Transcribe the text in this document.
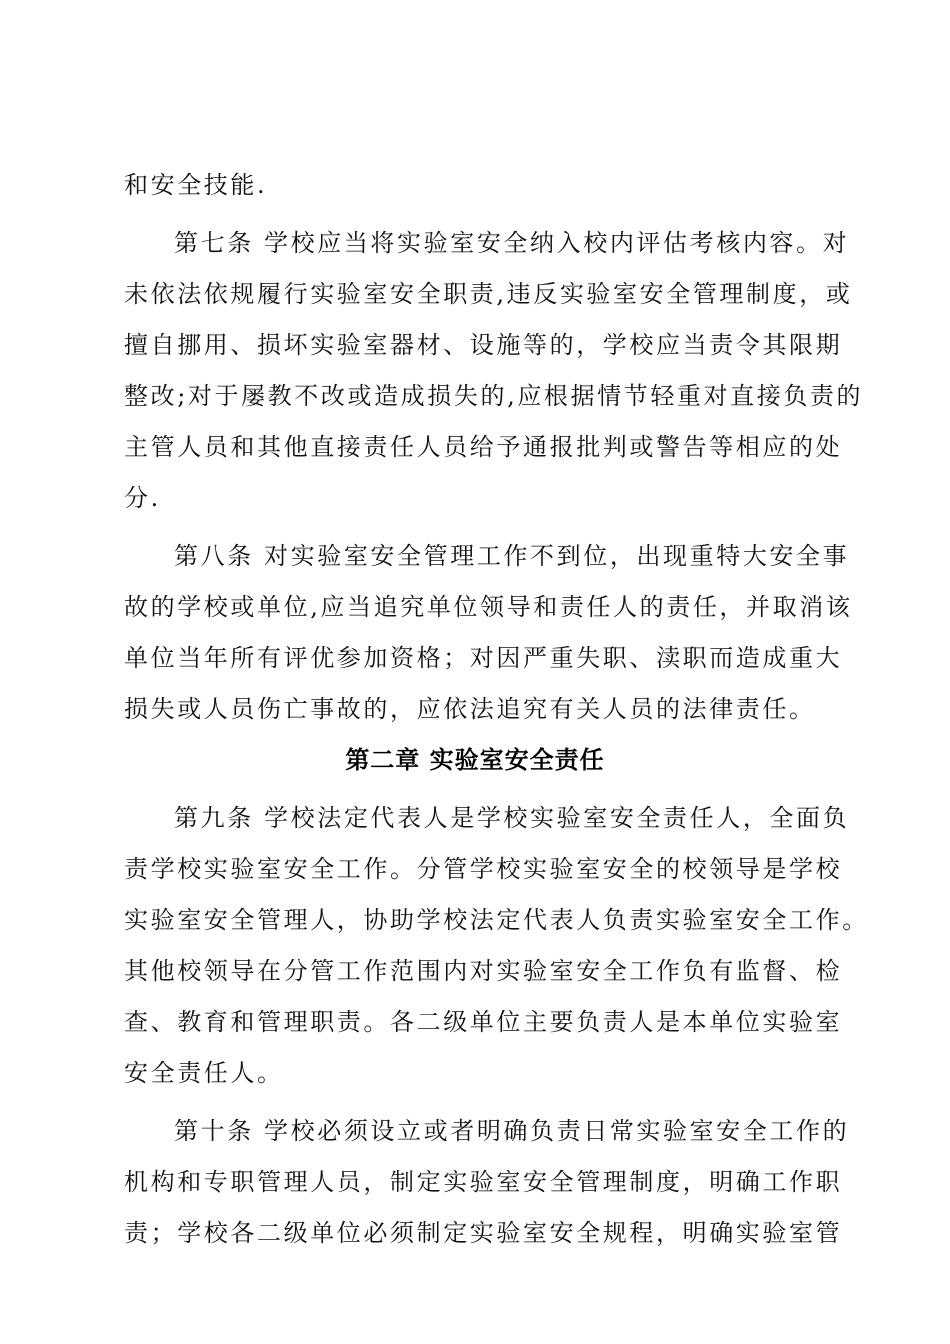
和安全技能.
第七条 学校应当将实验室安全纳入校内评估考核内容。对
未依法依规履行实验室安全职责,违反实验室安全管理制度，或
擅自挪用、损坏实验室器材、设施等的，学校应当责令其限期
整改;对于屡教不改或造成损失的,应根据情节轻重对直接负责的
主管人员和其他直接责任人员给予通报批判或警告等相应的处
分.
第八条 对实验室安全管理工作不到位，出现重特大安全事
故的学校或单位,应当追究单位领导和责任人的责任，并取消该
单位当年所有评优参加资格；对因严重失职、渎职而造成重大
损失或人员伤亡事故的，应依法追究有关人员的法律责任。
第二章 实验室安全责任
第九条 学校法定代表人是学校实验室安全责任人，全面负
责学校实验室安全工作。分管学校实验室安全的校领导是学校
实验室安全管理人，协助学校法定代表人负责实验室安全工作。
其他校领导在分管工作范围内对实验室安全工作负有监督、检
查、教育和管理职责。各二级单位主要负责人是本单位实验室
安全责任人。
第十条 学校必须设立或者明确负责日常实验室安全工作的
机构和专职管理人员，制定实验室安全管理制度，明确工作职
责；学校各二级单位必须制定实验室安全规程，明确实验室管
